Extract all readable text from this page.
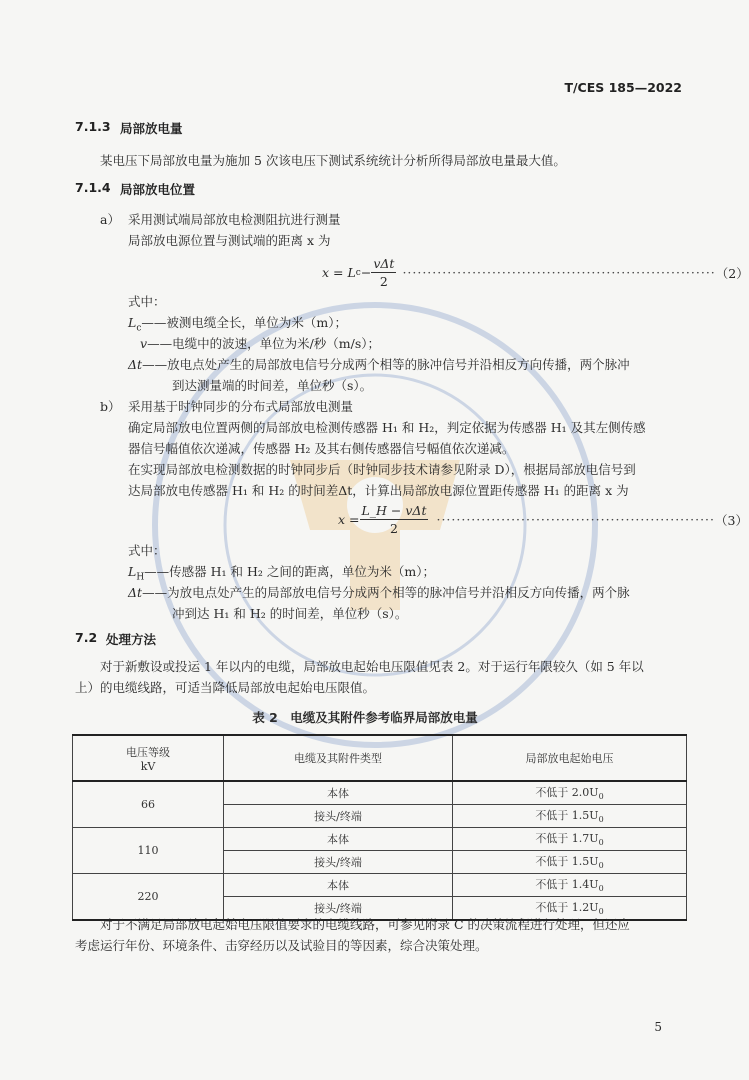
T/CES 185—2022
7.1.3 局部放电量
某电压下局部放电量为施加 5 次该电压下测试系统统计分析所得局部放电量最大值。
7.1.4 局部放电位置
a） 采用测试端局部放电检测阻抗进行测量
局部放电源位置与测试端的距离 x 为
x = L $c - \frac{\text{vΔt}}{2}$ ······························································· （2）
式中：
$L_c——$被测电缆全长，单位为米（m）；
v——电缆中的波速，单位为米/秒（m/s）；
Δt——放电点处产生的局部放电信号分成两个相等的脉冲信号并沿相反方向传播，两个脉冲
到达测量端的时间差，单位秒（s）。
b） 采用基于时钟同步的分布式局部放电测量
确定局部放电位置两侧的局部放电检测传感器 H₁ 和 H₂，判定依据为传感器 H₁ 及其左侧传感
器信号幅值依次递减，传感器 H₂ 及其右侧传感器信号幅值依次递减。
在实现局部放电检测数据的时钟同步后（时钟同步技术请参见附录 D），根据局部放电信号到
达局部放电传感器 H₁ 和 H₂ 的时间差Δt，计算出局部放电源位置距传感器 H₁ 的距离 x 为
$x = \frac{\text{L\_H − vΔt}}{2}$ ························································ （3）
式中：
$L_H——$传感器 H₁ 和 H₂ 之间的距离，单位为米（m）；
Δt——为放电点处产生的局部放电信号分成两个相等的脉冲信号并沿相反方向传播，两个脉
冲到达 H₁ 和 H₂ 的时间差，单位秒（s）。
7.2 处理方法
对于新敷设或投运 1 年以内的电缆，局部放电起始电压限值见表 2。对于运行年限较久（如 5 年以
上）的电缆线路，可适当降低局部放电起始电压限值。
表 2　电缆及其附件参考临界局部放电量
电压等级
kV	电缆及其附件类型	局部放电起始电压
66	本体	不低于 $2.0U_0$
	接头/终端	不低于 $1.5U_0$
110	本体	不低于 $1.7U_0$
	接头/终端	不低于 $1.5U_0$
220	本体	不低于 $1.4U_0$
	接头/终端	不低于 $1.2U_0$
对于不满足局部放电起始电压限值要求的电缆线路，可参见附录 C 的决策流程进行处理，但还应
考虑运行年份、环境条件、击穿经历以及试验目的等因素，综合决策处理。
5
